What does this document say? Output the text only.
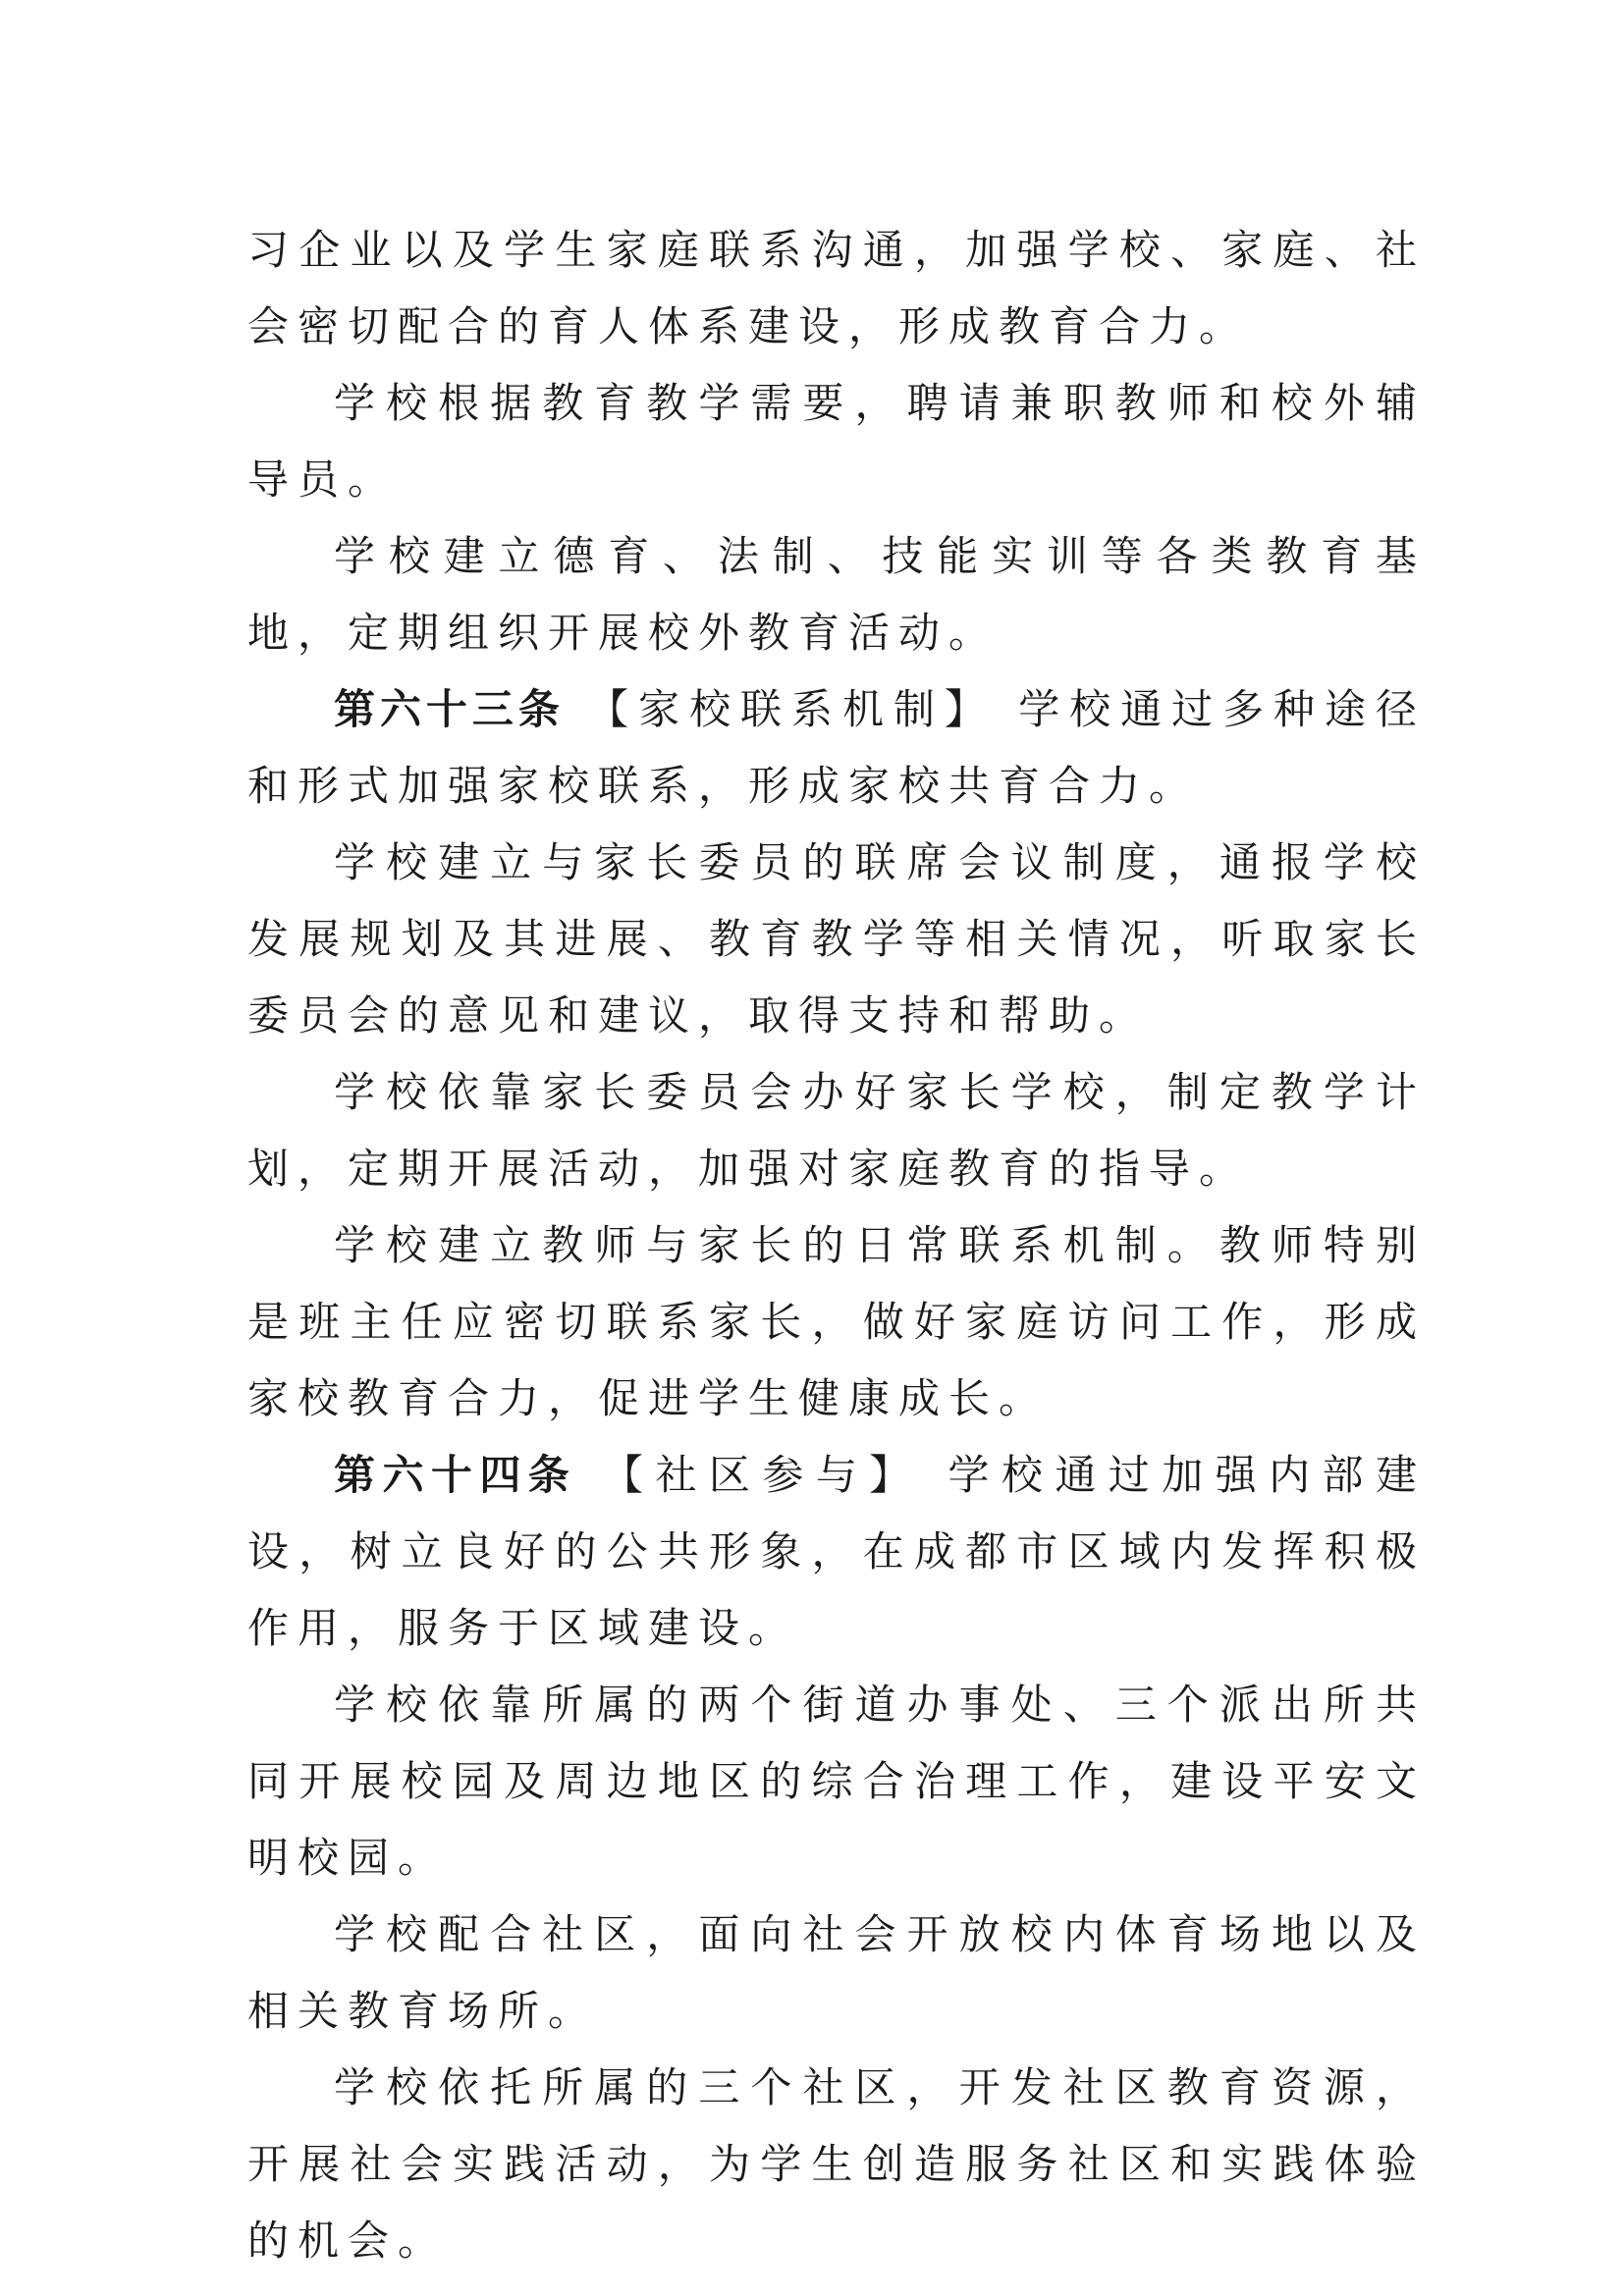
习企业以及学生家庭联系沟通，加强学校、家庭、社会密切配合的育人体系建设，形成教育合力。

学校根据教育教学需要，聘请兼职教师和校外辅导员。

学校建立德育、法制、技能实训等各类教育基地，定期组织开展校外教育活动。

第六十三条 【家校联系机制】 学校通过多种途径和形式加强家校联系，形成家校共育合力。

学校建立与家长委员的联席会议制度，通报学校发展规划及其进展、教育教学等相关情况，听取家长委员会的意见和建议，取得支持和帮助。

学校依靠家长委员会办好家长学校，制定教学计划，定期开展活动，加强对家庭教育的指导。

学校建立教师与家长的日常联系机制。教师特别是班主任应密切联系家长，做好家庭访问工作，形成家校教育合力，促进学生健康成长。

第六十四条 【社区参与】 学校通过加强内部建设，树立良好的公共形象，在成都市区域内发挥积极作用，服务于区域建设。

学校依靠所属的两个街道办事处、三个派出所共同开展校园及周边地区的综合治理工作，建设平安文明校园。

学校配合社区，面向社会开放校内体育场地以及相关教育场所。

学校依托所属的三个社区，开发社区教育资源，开展社会实践活动，为学生创造服务社区和实践体验的机会。
